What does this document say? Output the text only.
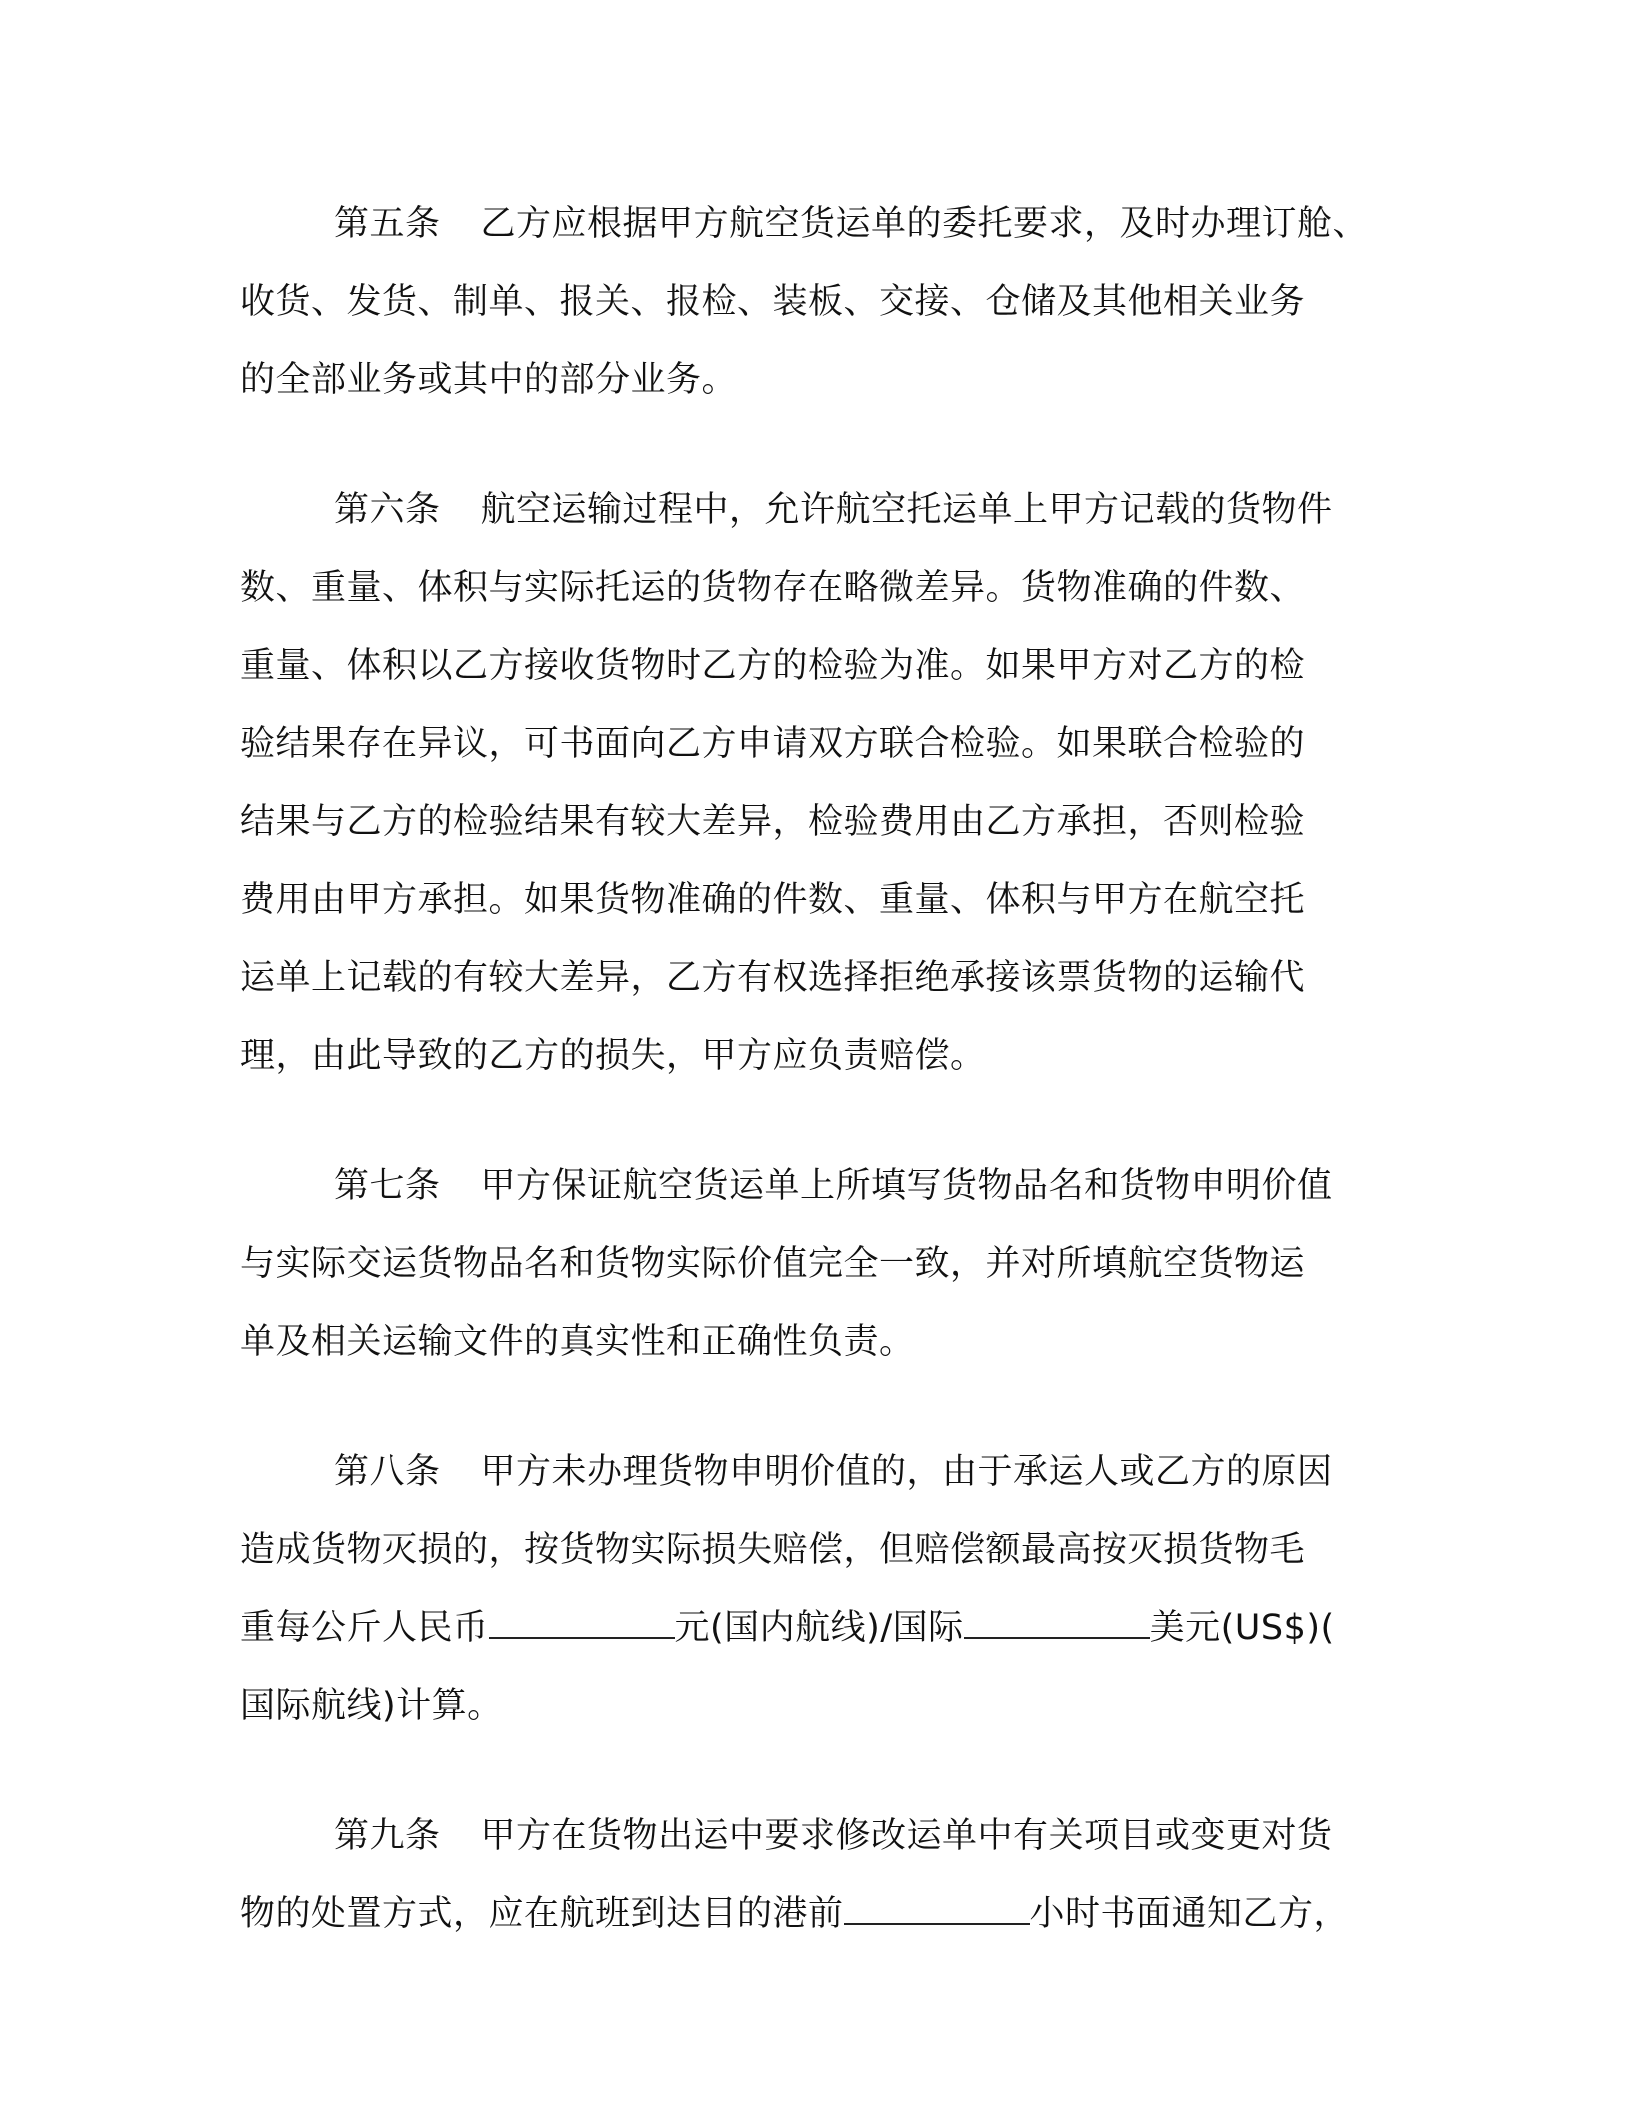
第五条 乙方应根据甲方航空货运单的委托要求，及时办理订舱、
收货、发货、制单、报关、报检、装板、交接、仓储及其他相关业务
的全部业务或其中的部分业务。
第六条 航空运输过程中，允许航空托运单上甲方记载的货物件
数、重量、体积与实际托运的货物存在略微差异。货物准确的件数、
重量、体积以乙方接收货物时乙方的检验为准。如果甲方对乙方的检
验结果存在异议，可书面向乙方申请双方联合检验。如果联合检验的
结果与乙方的检验结果有较大差异，检验费用由乙方承担，否则检验
费用由甲方承担。如果货物准确的件数、重量、体积与甲方在航空托
运单上记载的有较大差异，乙方有权选择拒绝承接该票货物的运输代
理，由此导致的乙方的损失，甲方应负责赔偿。
第七条 甲方保证航空货运单上所填写货物品名和货物申明价值
与实际交运货物品名和货物实际价值完全一致，并对所填航空货物运
单及相关运输文件的真实性和正确性负责。
第八条 甲方未办理货物申明价值的，由于承运人或乙方的原因
造成货物灭损的，按货物实际损失赔偿，但赔偿额最高按灭损货物毛
重每公斤人民币	元(国内航线)/国际	美元(US$)(
国际航线)计算。
第九条 甲方在货物出运中要求修改运单中有关项目或变更对货
物的处置方式，应在航班到达目的港前	小时书面通知乙方，
